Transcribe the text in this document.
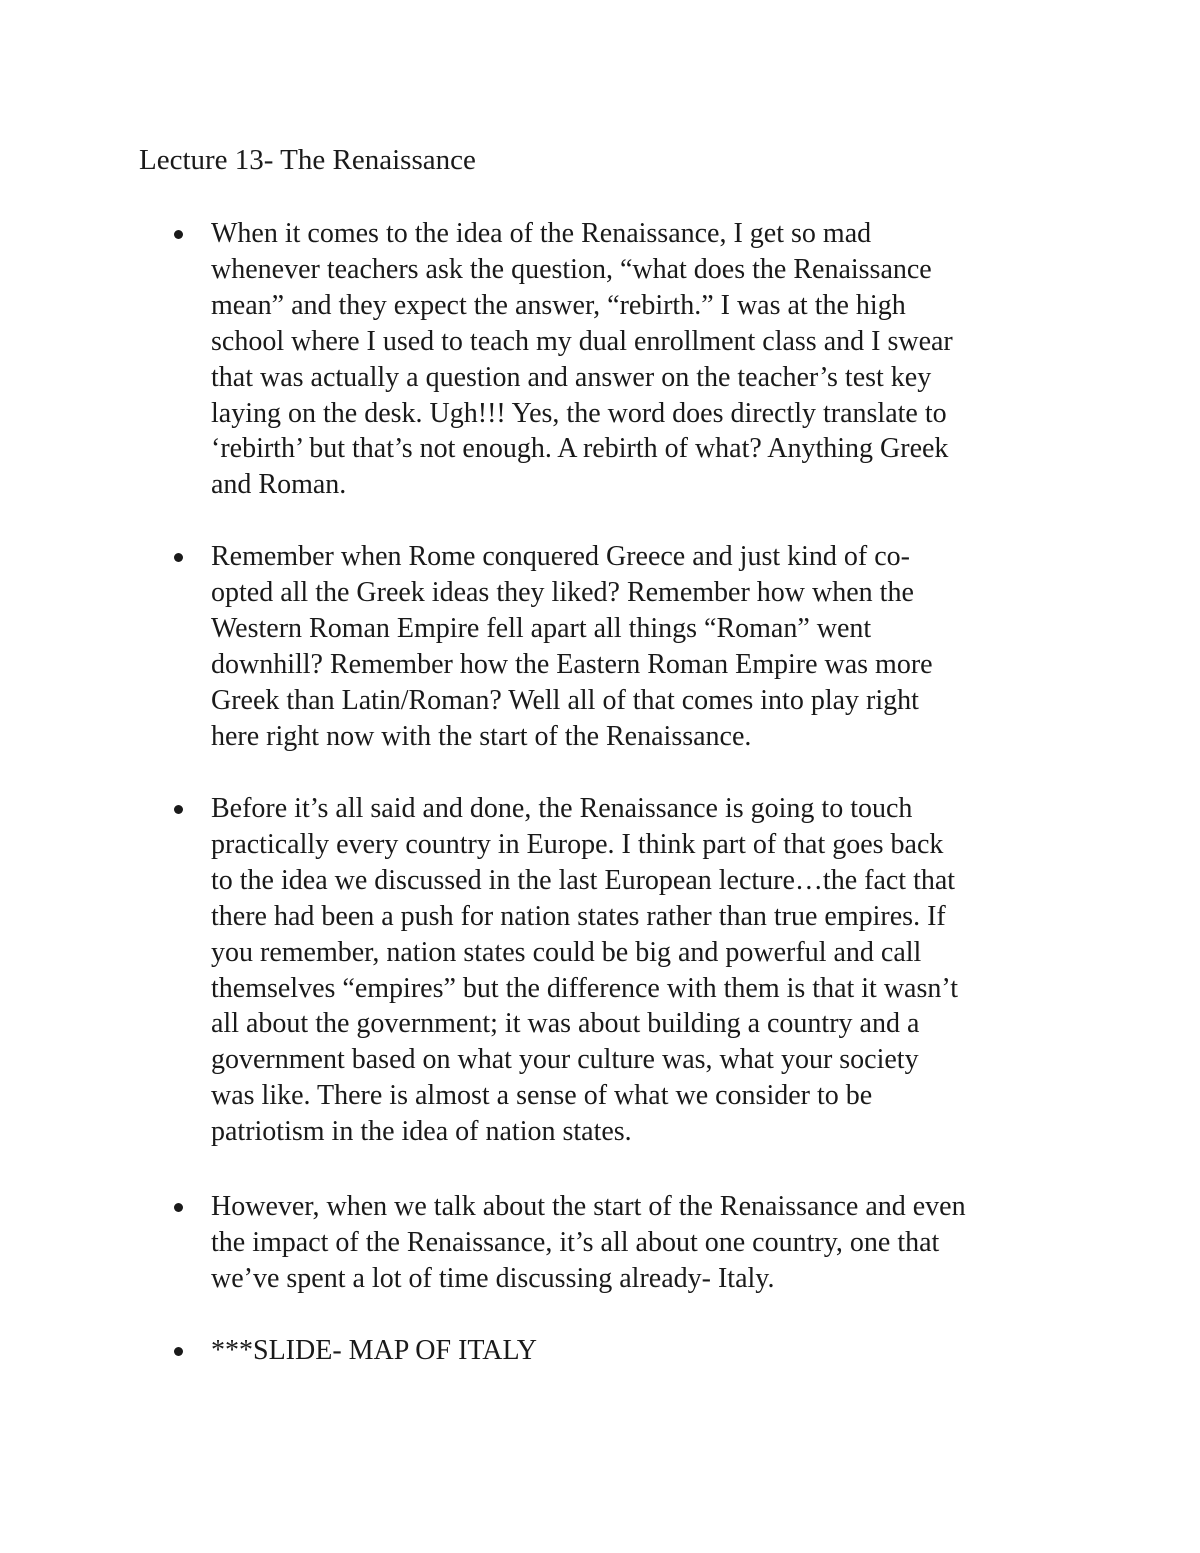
Lecture 13- The Renaissance

When it comes to the idea of the Renaissance, I get so mad
whenever teachers ask the question, “what does the Renaissance
mean” and they expect the answer, “rebirth.” I was at the high
school where I used to teach my dual enrollment class and I swear
that was actually a question and answer on the teacher’s test key
laying on the desk. Ugh!!! Yes, the word does directly translate to
‘rebirth’ but that’s not enough. A rebirth of what? Anything Greek
and Roman.

Remember when Rome conquered Greece and just kind of co-
opted all the Greek ideas they liked? Remember how when the
Western Roman Empire fell apart all things “Roman” went
downhill? Remember how the Eastern Roman Empire was more
Greek than Latin/Roman? Well all of that comes into play right
here right now with the start of the Renaissance.

Before it’s all said and done, the Renaissance is going to touch
practically every country in Europe. I think part of that goes back
to the idea we discussed in the last European lecture…the fact that
there had been a push for nation states rather than true empires. If
you remember, nation states could be big and powerful and call
themselves “empires” but the difference with them is that it wasn’t
all about the government; it was about building a country and a
government based on what your culture was, what your society
was like. There is almost a sense of what we consider to be
patriotism in the idea of nation states.

However, when we talk about the start of the Renaissance and even
the impact of the Renaissance, it’s all about one country, one that
we’ve spent a lot of time discussing already- Italy.

***SLIDE- MAP OF ITALY
